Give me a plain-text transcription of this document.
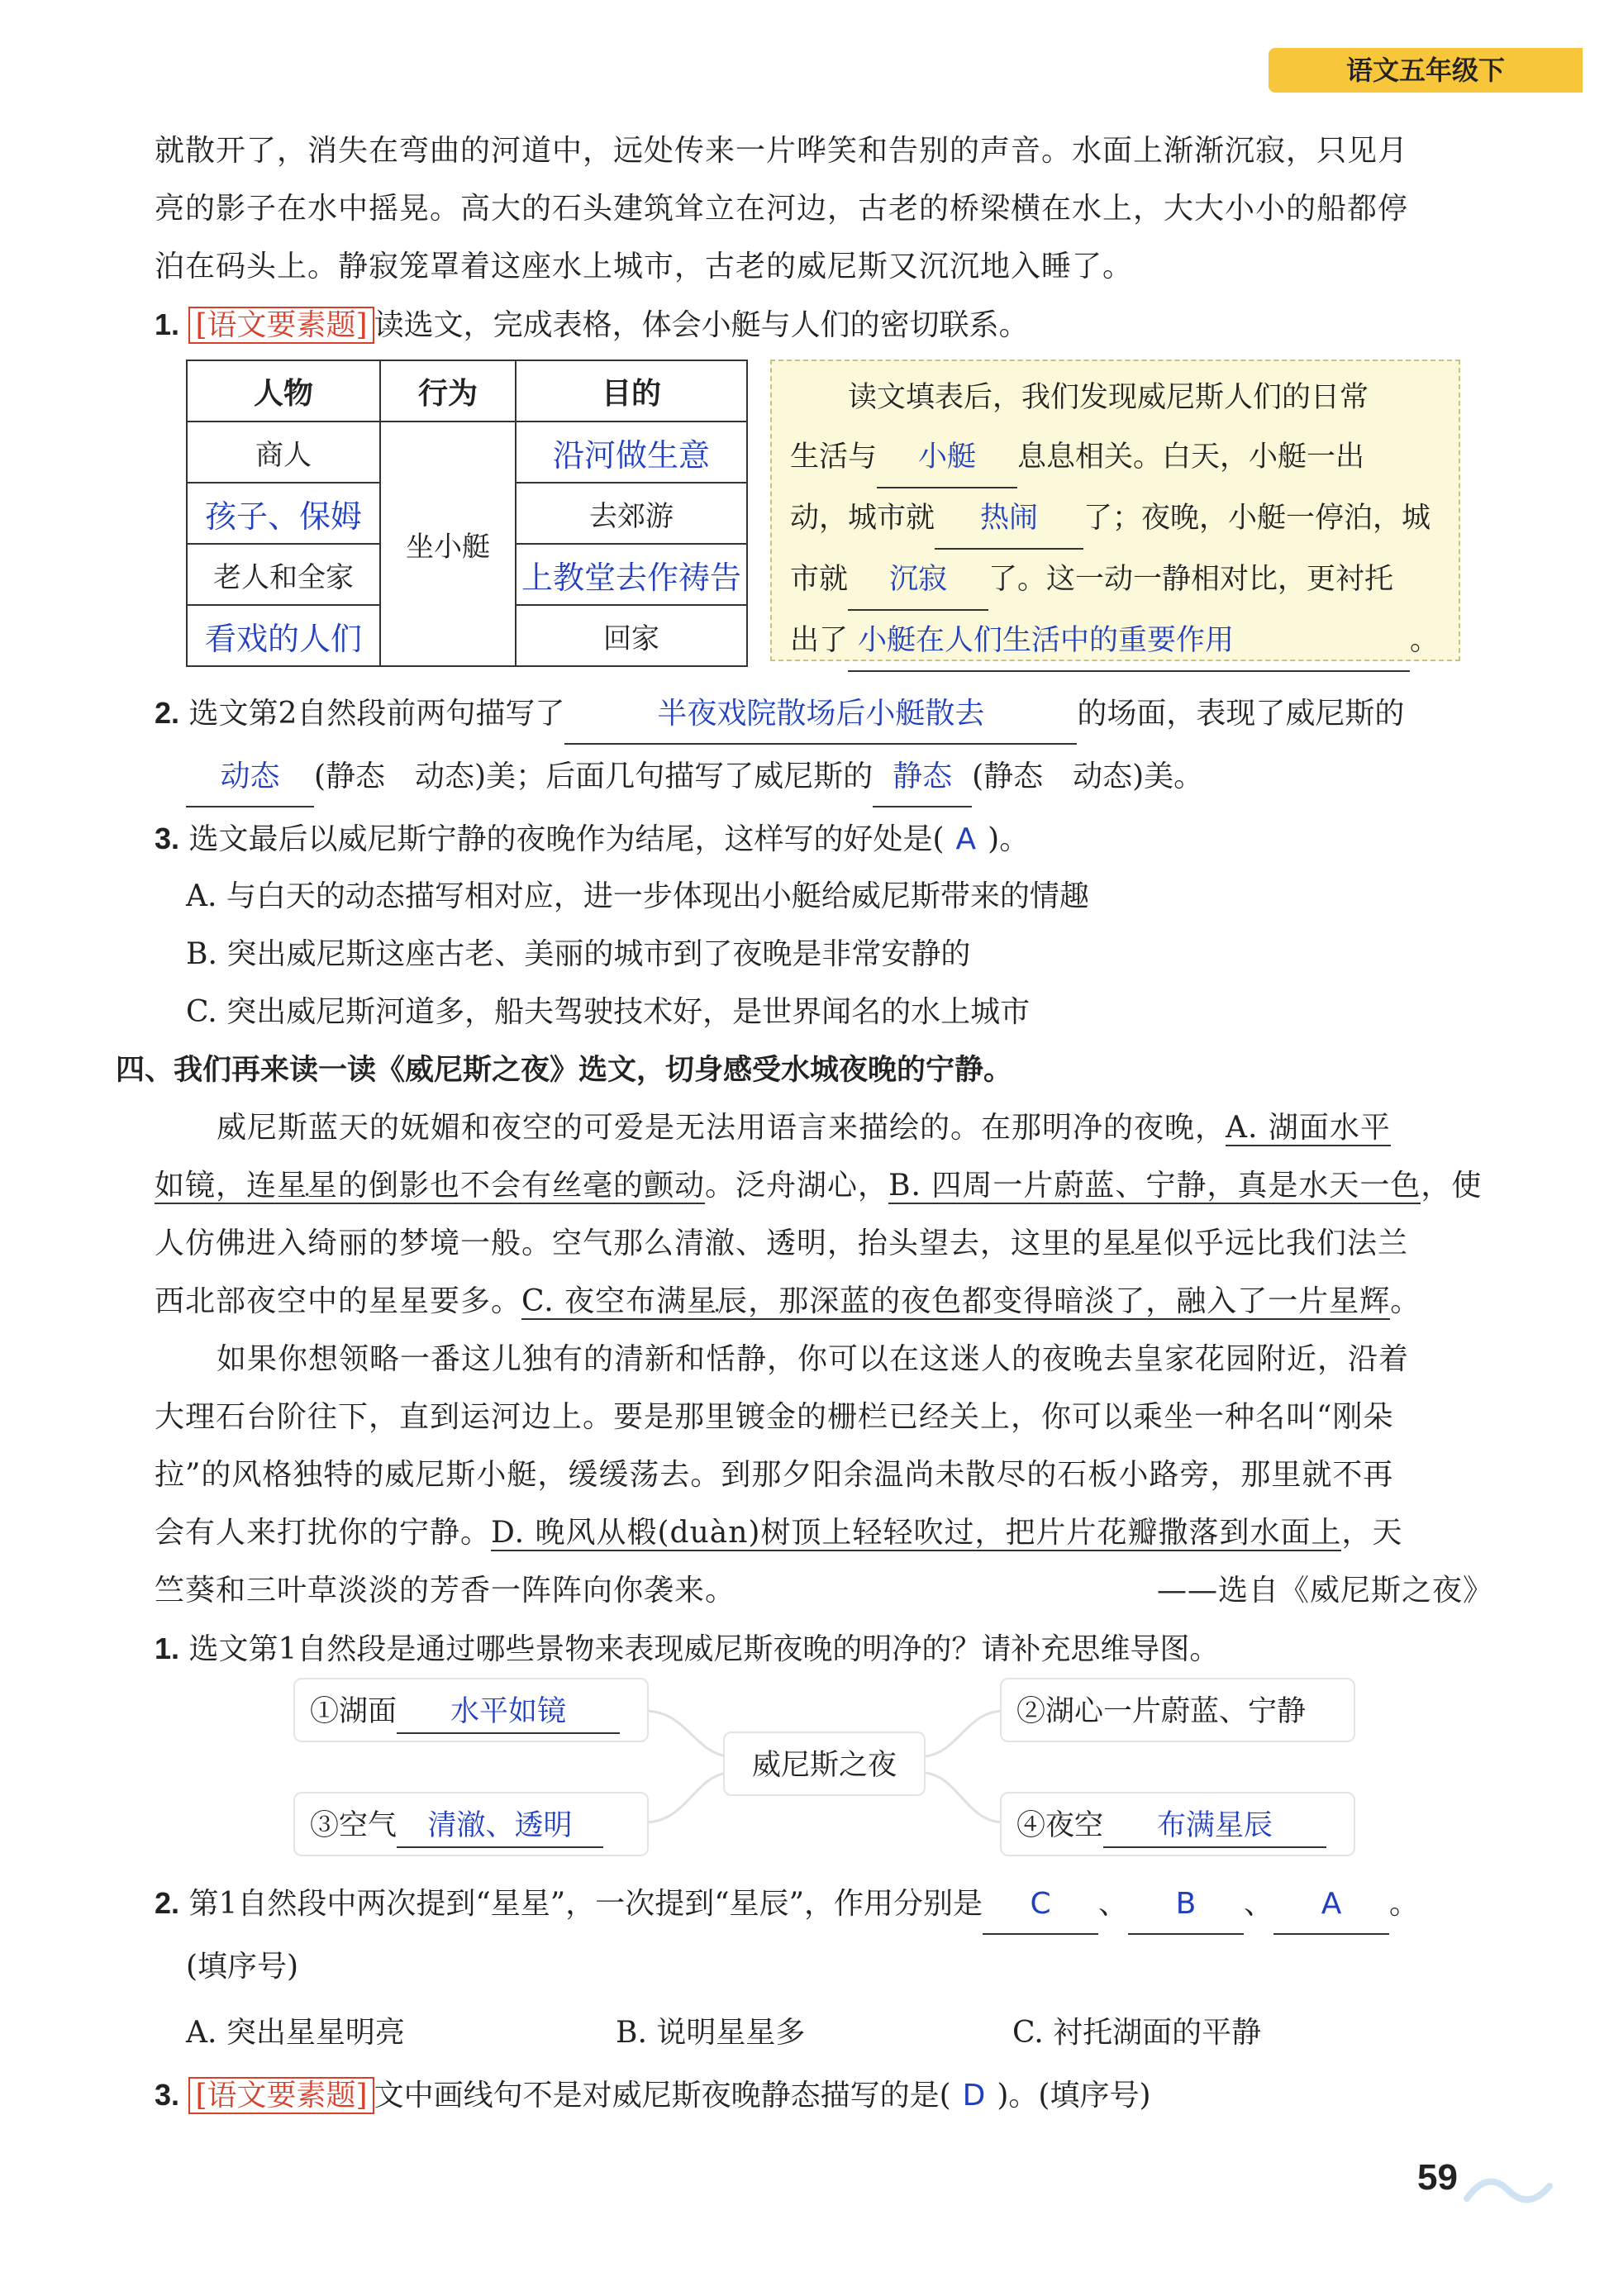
语文五年级下
就散开了，消失在弯曲的河道中，远处传来一片哗笑和告别的声音。水面上渐渐沉寂，只见月
亮的影子在水中摇晃。高大的石头建筑耸立在河边，古老的桥梁横在水上，大大小小的船都停
泊在码头上。静寂笼罩着这座水上城市，古老的威尼斯又沉沉地入睡了。
1. [语文要素题] 读选文，完成表格，体会小艇与人们的密切联系。
人物	行为	目的
商人	坐小艇	沿河做生意
孩子、保姆		去郊游
老人和全家		上教堂去作祷告
看戏的人们		回家
读文填表后，我们发现威尼斯人们的日常
生活与 小艇 息息相关。白天，小艇一出
动，城市就 热闹 了；夜晚，小艇一停泊，城
市就 沉寂 了。这一动一静相对比，更衬托
出了 小艇在人们生活中的重要作用	。
2. 选文第2自然段前两句描写了	半夜戏院散场后小艇散去	的场面，表现了威尼斯的
动态 (静态　动态)美；后面几句描写了威尼斯的 静态 (静态　动态)美。
3. 选文最后以威尼斯宁静的夜晚作为结尾，这样写的好处是( A )。
A. 与白天的动态描写相对应，进一步体现出小艇给威尼斯带来的情趣
B. 突出威尼斯这座古老、美丽的城市到了夜晚是非常安静的
C. 突出威尼斯河道多，船夫驾驶技术好，是世界闻名的水上城市
四、我们再来读一读《威尼斯之夜》选文，切身感受水城夜晚的宁静。
威尼斯蓝天的妩媚和夜空的可爱是无法用语言来描绘的。在那明净的夜晚，A. 湖面水平
如镜，连星星 ·的倒影也不会有丝毫的颤动。泛舟湖心，B. 四周一片蔚蓝、宁静，真是水天一色，使
人仿佛进入绮丽的梦境一般。空气那么清澈、透明，抬头望去，这里的星星似乎远比我们法兰
西北部夜空中的星星要多。C. 夜空布满星辰 ·，那深蓝的夜色都变得暗淡了，融入了一片星辉。
如果你想领略一番这儿独有的清新和恬静，你可以在这迷人的夜晚去皇家花园附近，沿着
大理石台阶往下，直到运河边上。要是那里镀金的栅栏已经关上，你可以乘坐一种名叫“刚朵
拉”的风格独特的威尼斯小艇，缓缓荡去。到那夕阳余温尚未散尽的石板小路旁，那里就不再
会有人来打扰你的宁静。D. 晚风从椴(duàn)树顶上轻轻吹过，把片片花瓣撒落到水面上，天
竺葵和三叶草淡淡的芳香一阵阵向你袭来。	——选自《威尼斯之夜》
1. 选文第1自然段是通过哪些景物来表现威尼斯夜晚的明净的？请补充思维导图。
①湖面 水平如镜
威尼斯之夜
②湖心一片蔚蓝、宁静
③空气 清澈、透明	④夜空 布满星辰
2. 第1自然段中两次提到“星星”，一次提到“星辰”，作用分别是 C 、 B 、 A 。
(填序号)
A. 突出星星明亮	B. 说明星星多	C. 衬托湖面的平静
3. [语文要素题] 文中画线句不是对威尼斯夜晚静态描写的是( D )。(填序号)
59
